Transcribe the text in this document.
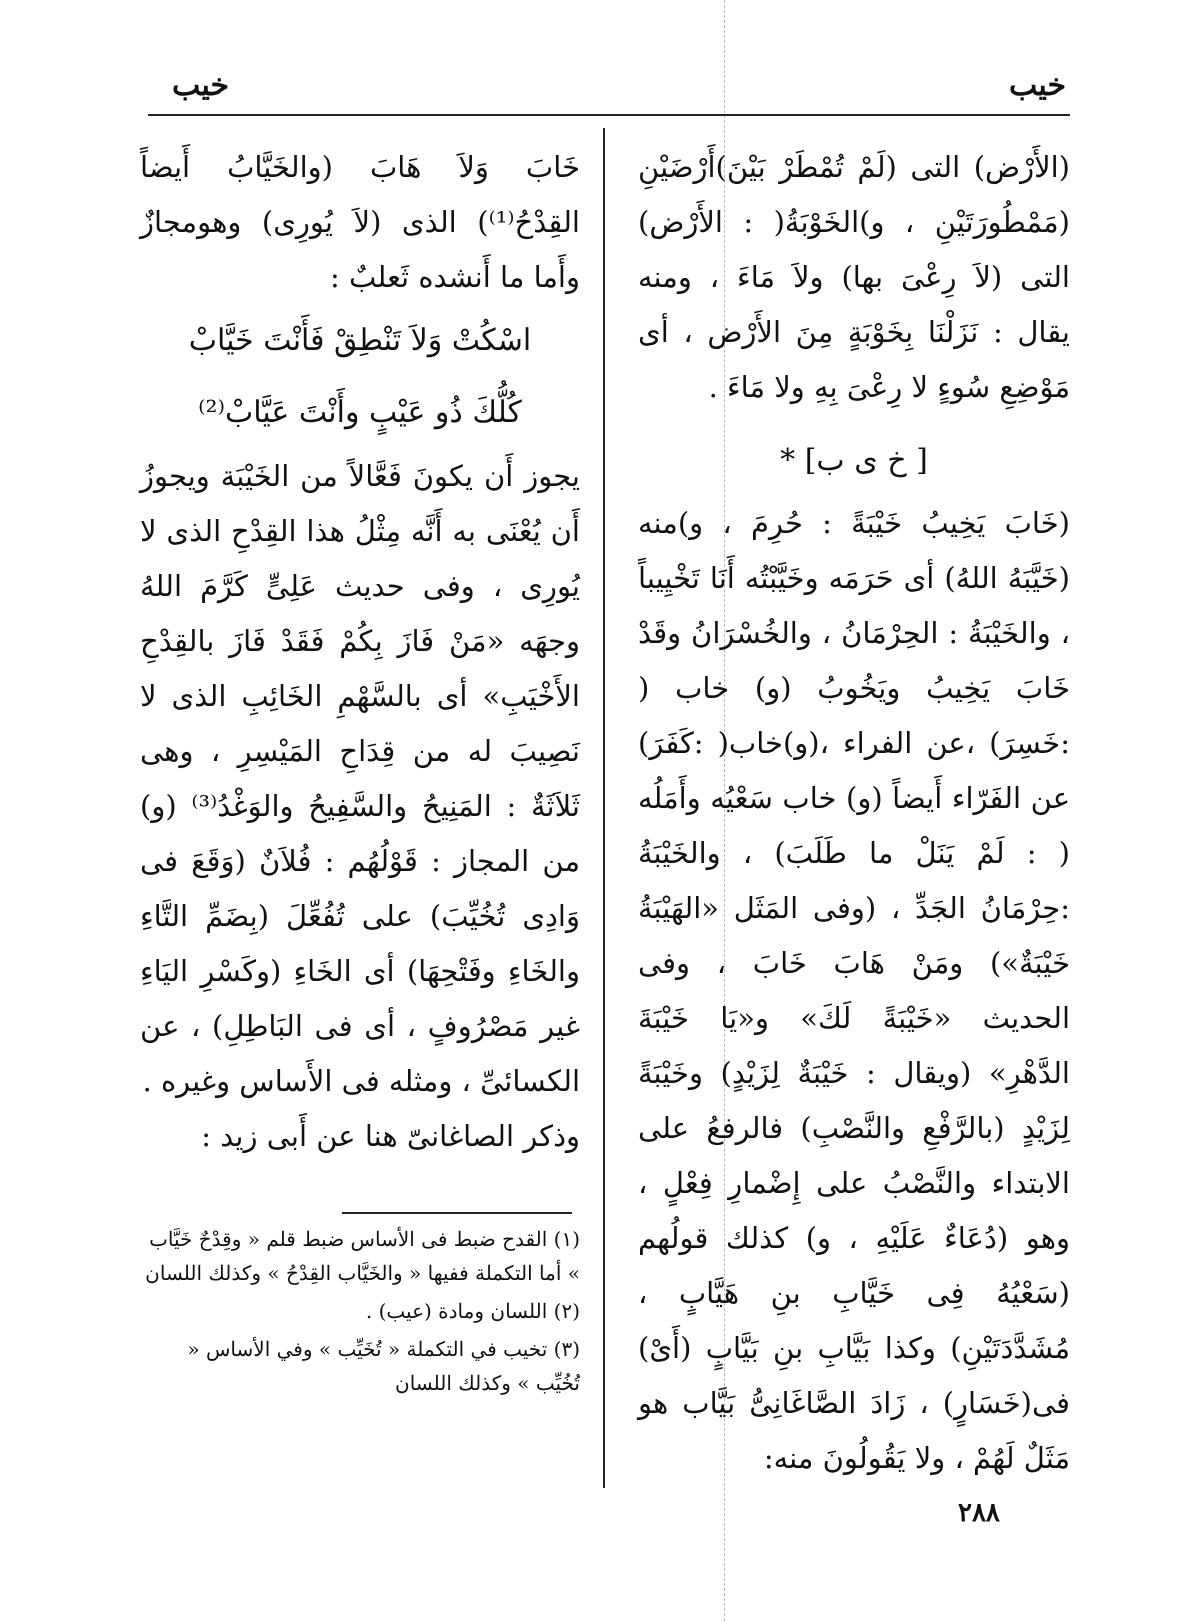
خيب	خيب

(الأَرْض) التى (لَمْ تُمْطَرْ بَيْنَ)أَرْضَيْنِ (مَمْطُورَتَيْنِ ، و)الخَوْبَةُ( : الأَرْض) التى (لاَ رِعْىَ بها) ولاَ مَاءَ ، ومنه يقال : نَزَلْنَا بِخَوْبَةٍ مِنَ الأَرْض ، أى مَوْضِعِ سُوءٍ لا رِعْىَ بِهِ ولا مَاءَ .

[ خ ى ب] *

(خَابَ يَخِيبُ خَيْبَةً : حُرِمَ ، و)منه (خَيَّبَهُ اللهُ) أى حَرَمَه وخَيَّبْتُه أَنَا تَخْيِيباً ، والخَيْبَةُ : الحِرْمَانُ ، والخُسْرَانُ وقَدْ خَابَ يَخِيبُ ويَخُوبُ (و) خاب ( :خَسِرَ) ،عن الفراء ،(و)خاب( :كَفَرَ) عن الفَرّاء أَيضاً (و) خاب سَعْيُه وأَمَلُه ( : لَمْ يَنَلْ ما طَلَبَ) ، والخَيْبَةُ :حِرْمَانُ الجَدِّ ، (وفى المَثَل «الهَيْبَةُ خَيْبَةٌ») ومَنْ هَابَ خَابَ ، وفى الحديث «خَيْبَةً لَكَ» و«يَا خَيْبَةَ الدَّهْرِ» (ويقال : خَيْبَةٌ لِزَيْدٍ) وخَيْبَةً لِزَيْدٍ (بالرَّفْعِ والنَّصْبِ) فالرفعُ على الابتداء والنَّصْبُ على إِضْمارِ فِعْلٍ ، وهو (دُعَاءٌ عَلَيْهِ ، و) كذلك قولُهم (سَعْيُهُ فِى خَيَّابِ بنِ هَيَّابٍ ، مُشَدَّدَتَيْنِ) وكذا بَيَّابِ بنِ بَيَّابٍ (أَىْ) فى(خَسَارٍ) ، زَادَ الصَّاغَانِىُّ بَيَّاب هو مَثَلٌ لَهُمْ ، ولا يَقُولُونَ منه:

خَابَ وَلاَ هَابَ (والخَيَّابُ أَيضاً القِدْحُ⁽¹⁾) الذى (لاَ يُورِى) وهومجازٌ وأَما ما أَنشده ثَعلبٌ :

اسْكُتْ وَلاَ تَنْطِقْ فَأَنْتَ خَيَّابْ
كُلُّكَ ذُو عَيْبٍ وأَنْتَ عَيَّابْ⁽²⁾

يجوز أَن يكونَ فَعَّالاً من الخَيْبَة ويجوزُ أَن يُعْنَى به أَنَّه مِثْلُ هذا القِدْحِ الذى لا يُورِى ، وفى حديث عَلِىٍّ كَرَّمَ اللهُ وجهَه «مَنْ فَازَ بِكُمْ فَقَدْ فَازَ بالقِدْحِ الأَخْيَبِ» أى بالسَّهْمِ الخَائِبِ الذى لا نَصِيبَ له من قِدَاحِ المَيْسِرِ ، وهى ثَلاَثَةٌ : المَنِيحُ والسَّفِيحُ والوَغْدُ⁽³⁾ (و) من المجاز : قَوْلُهُم : فُلاَنٌ (وَقَعَ فى وَادِى تُخُيِّبَ) على تُفُعِّلَ (بِضَمِّ التَّاءِ والخَاءِ وفَتْحِهَا) أى الخَاءِ (وكَسْرِ اليَاءِ غير مَصْرُوفٍ ، أى فى البَاطِلِ) ، عن الكسائىِّ ، ومثله فى الأَساس وغيره .

وذكر الصاغانىّ هنا عن أَبى زيد :

(١) القدح ضبط فى الأساس ضبط قلم « وقِدْحٌ خَيَّاب » أما التكملة ففيها « والخَيَّاب القِدْحُ » وكذلك اللسان

(٢) اللسان ومادة (عيب) .

(٣) تخيب في التكملة « تُخَيِّب » وفي الأساس « تُخُيِّب » وكذلك اللسان

٢٨٨
